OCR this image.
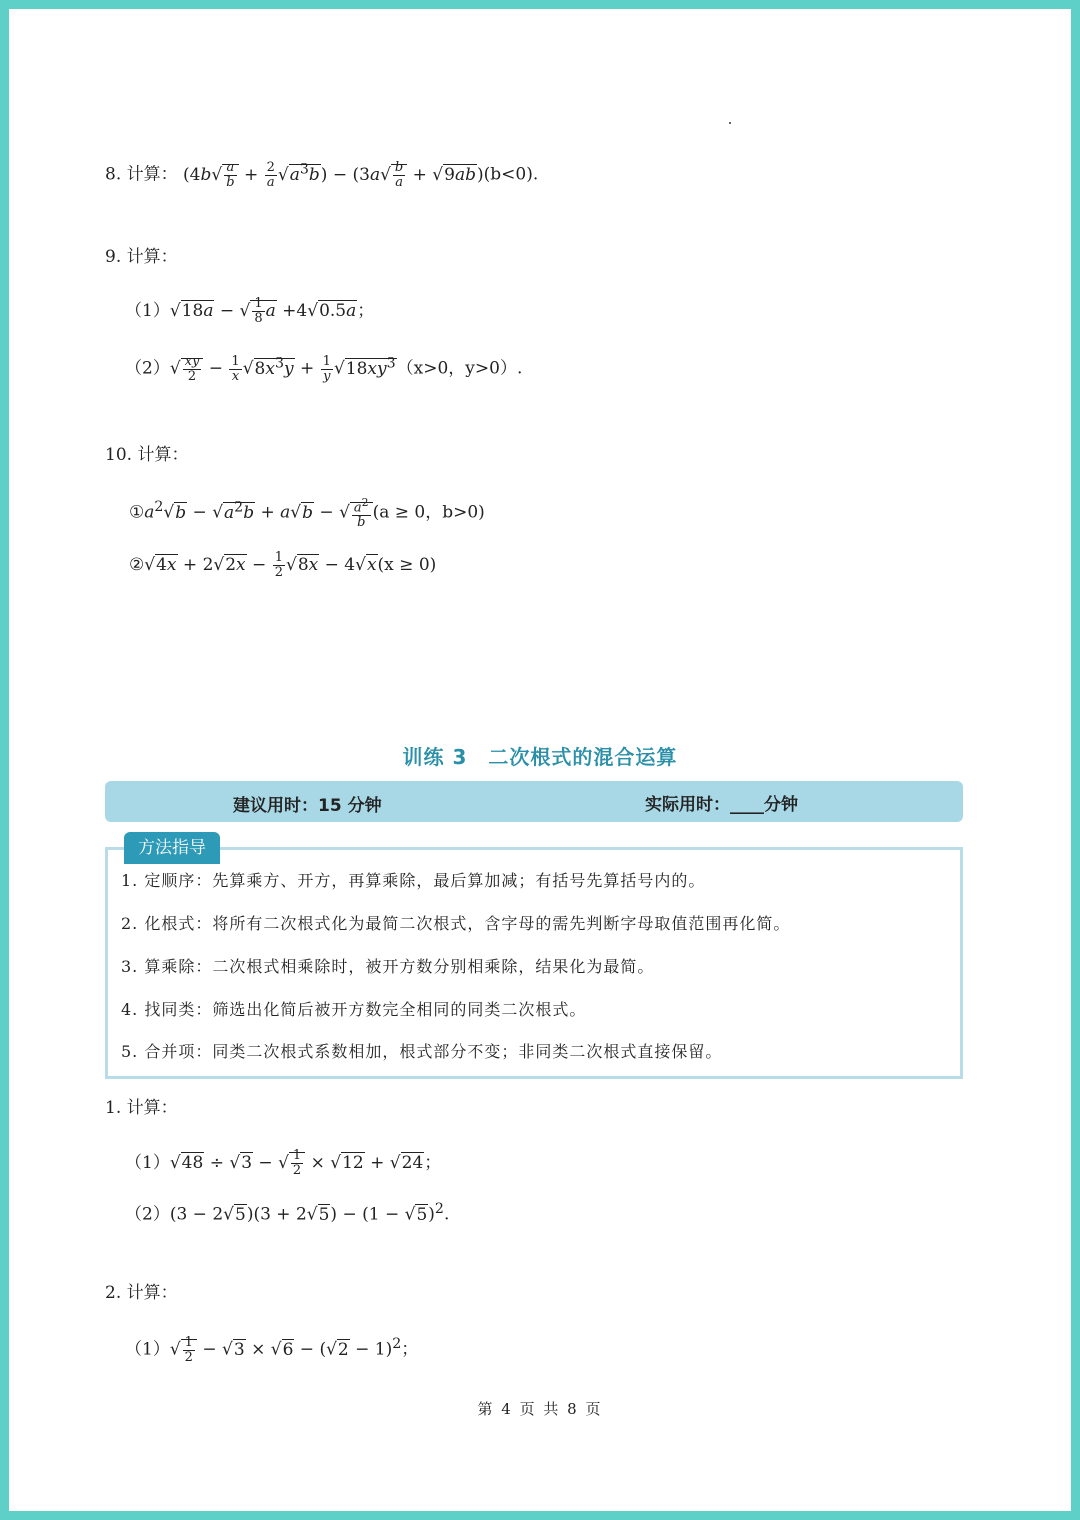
8. 计算： $(4b√ \frac{a}{b} + \frac{2}{a} √a^3b) - (3a√ \frac{b}{a} + √9ab)(b<0)$.
9. 计算：
（1）√18a − √ $\frac{1}{8}$ a +4√0.5a；
$(2)√ \frac{xy}{2} - \frac{1}{x} √8x^3y + \frac{1}{y} √18xy^3(x>0$，y>0）.
10. 计算：
$①a^2√b - √a^2b + a√b$ − √ $\frac{a^2}{b} (a \ge 0$，b>0)
②√4x + $2√2x - \frac{1}{2} √8x - 4√x(x \ge 0)$
训练 3　二次根式的混合运算
建议用时：15 分钟	实际用时：____分钟
方法指导
1. 定顺序：先算乘方、开方，再算乘除，最后算加减；有括号先算括号内的。
2. 化根式：将所有二次根式化为最简二次根式，含字母的需先判断字母取值范围再化简。
3. 算乘除：二次根式相乘除时，被开方数分别相乘除，结果化为最简。
4. 找同类：筛选出化简后被开方数完全相同的同类二次根式。
5. 合并项：同类二次根式系数相加，根式部分不变；非同类二次根式直接保留。
1. 计算：
（1）√48 ÷ √3 − √ $\frac{1}{2} \times √12 + √24$；
$(2)(3 - 2√5)(3 + 2√5) - (1 - √5)^2$.
2. 计算：
$(1)√ \frac{1}{2} - √3 \times √6 - (√2 - 1)^2$；
第 4 页 共 8 页
